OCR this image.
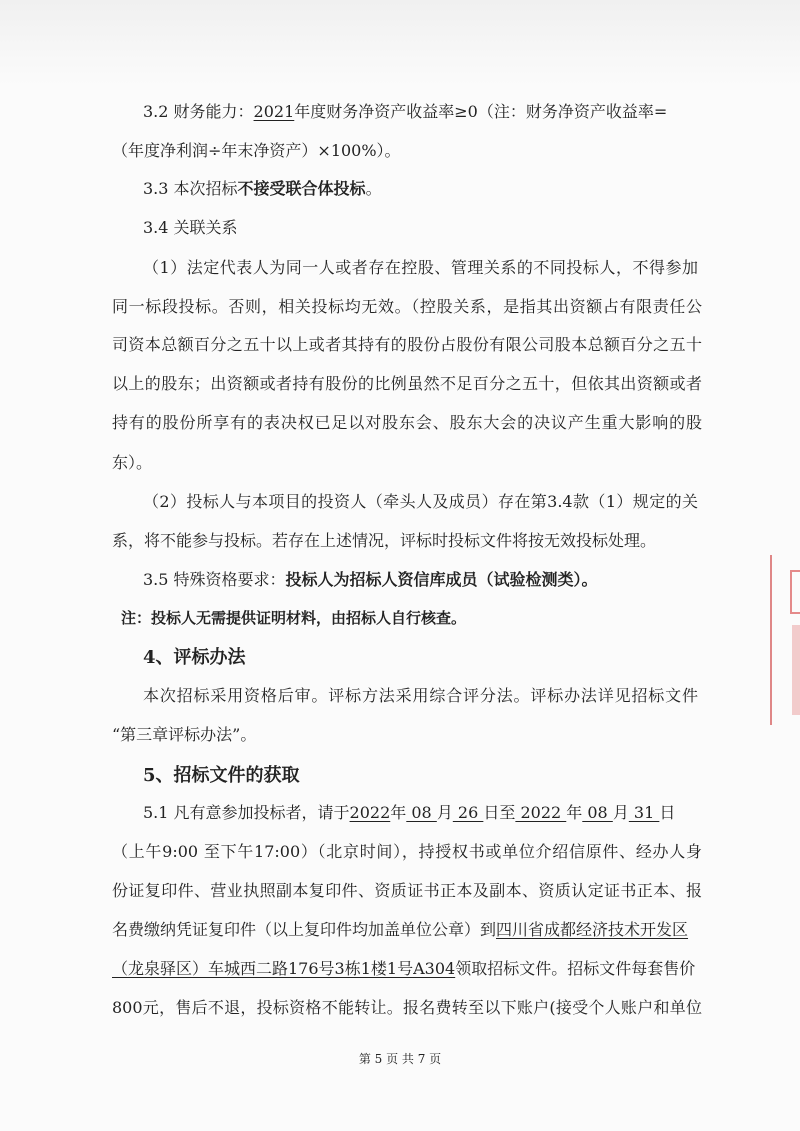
3.2 财务能力：2021年度财务净资产收益率≥0（注：财务净资产收益率=
（年度净利润÷年末净资产）×100%）。
3.3 本次招标不接受联合体投标。
3.4 关联关系
（1）法定代表人为同一人或者存在控股、管理关系的不同投标人，不得参加
同一标段投标。否则，相关投标均无效。（控股关系，是指其出资额占有限责任公
司资本总额百分之五十以上或者其持有的股份占股份有限公司股本总额百分之五十
以上的股东；出资额或者持有股份的比例虽然不足百分之五十，但依其出资额或者
持有的股份所享有的表决权已足以对股东会、股东大会的决议产生重大影响的股
东）。
（2）投标人与本项目的投资人（牵头人及成员）存在第3.4款（1）规定的关
系，将不能参与投标。若存在上述情况，评标时投标文件将按无效投标处理。
3.5 特殊资格要求：投标人为招标人资信库成员（试验检测类）。
注：投标人无需提供证明材料，由招标人自行核查。
4、评标办法
本次招标采用资格后审。评标方法采用综合评分法。评标办法详见招标文件
“第三章评标办法”。
5、招标文件的获取
5.1 凡有意参加投标者，请于2022年 08 月 26 日至 2022 年 08 月 31 日
（上午9:00 至下午17:00）（北京时间），持授权书或单位介绍信原件、经办人身
份证复印件、营业执照副本复印件、资质证书正本及副本、资质认定证书正本、报
名费缴纳凭证复印件（以上复印件均加盖单位公章）到四川省成都经济技术开发区
（龙泉驿区）车城西二路176号3栋1楼1号A304领取招标文件。招标文件每套售价
800元，售后不退，投标资格不能转让。报名费转至以下账户(接受个人账户和单位
第 5 页 共 7 页
